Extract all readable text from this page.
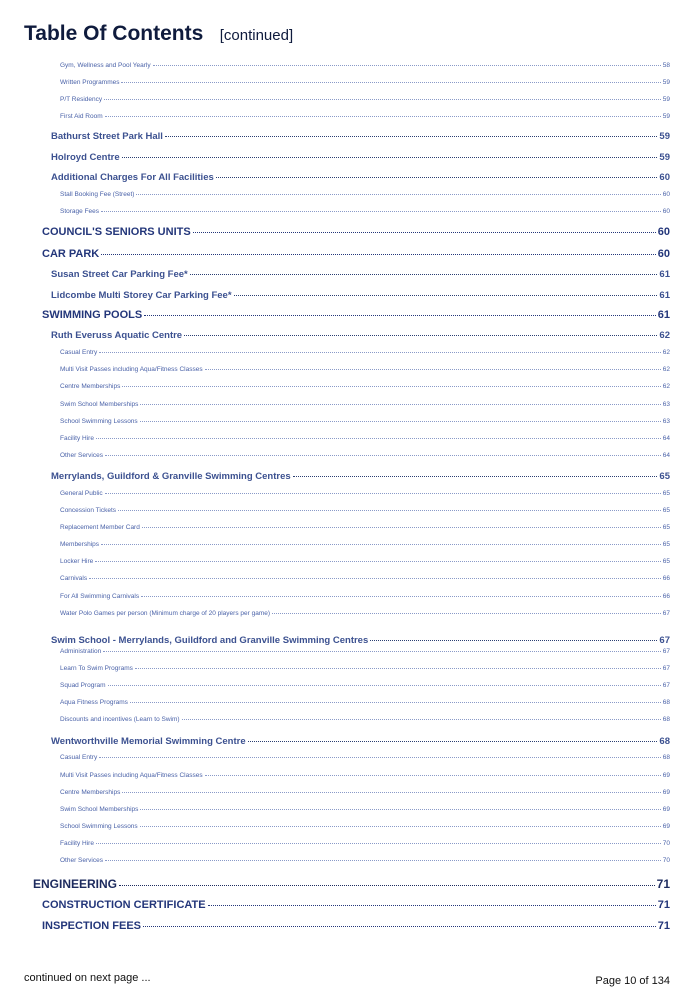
Table Of Contents [continued]
Gym, Wellness and Pool Yearly	58
Written Programmes	59
P/T Residency	59
First Aid Room	59
Bathurst Street Park Hall	59
Holroyd Centre	59
Additional Charges For All Facilities	60
Stall Booking Fee (Street)	60
Storage Fees	60
COUNCIL'S SENIORS UNITS	60
CAR PARK	60
Susan Street Car Parking Fee*	61
Lidcombe Multi Storey Car Parking Fee*	61
SWIMMING POOLS	61
Ruth Everuss Aquatic Centre	62
Casual Entry	62
Multi Visit Passes including Aqua/Fitness Classes	62
Centre Memberships	62
Swim School Memberships	63
School Swimming Lessons	63
Facility Hire	64
Other Services	64
Merrylands, Guildford & Granville Swimming Centres	65
General Public	65
Concession Tickets	65
Replacement Member Card	65
Memberships	65
Locker Hire	65
Carnivals	66
For All Swimming Carnivals	66
Water Polo Games per person (Minimum charge of 20 players per game)	67
Swim School - Merrylands, Guildford and Granville Swimming Centres	67
Administration	67
Learn To Swim Programs	67
Squad Program	67
Aqua Fitness Programs	68
Discounts and incentives (Learn to Swim)	68
Wentworthville Memorial Swimming Centre	68
Casual Entry	68
Multi Visit Passes including Aqua/Fitness Classes	69
Centre Memberships	69
Swim School Memberships	69
School Swimming Lessons	69
Facility Hire	70
Other Services	70
ENGINEERING	71
CONSTRUCTION CERTIFICATE	71
INSPECTION FEES	71
continued on next page ...	Page 10 of 134
